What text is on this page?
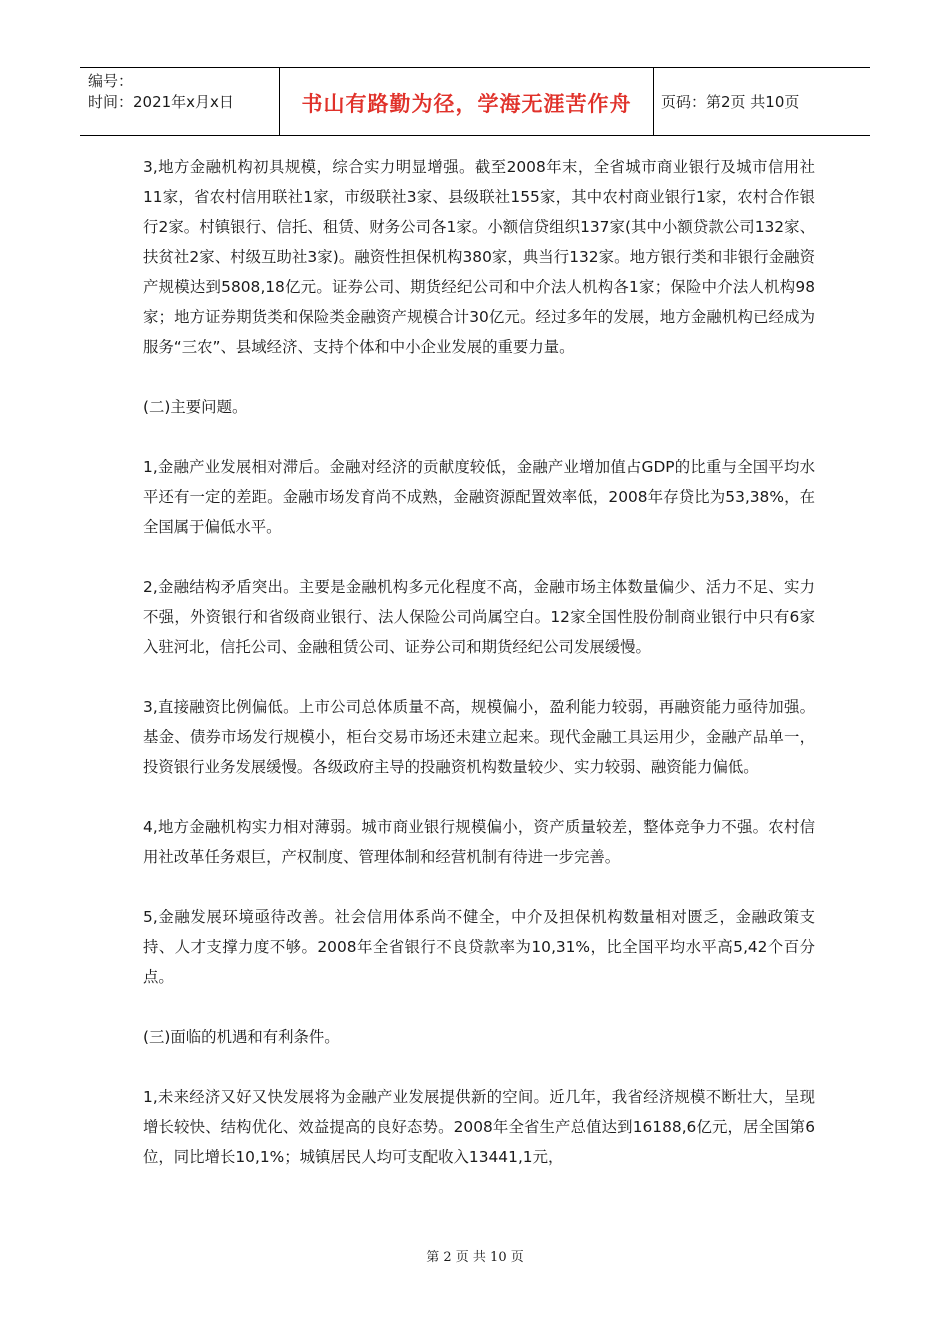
编号：
时间：2021年x月x日	书山有路勤为径，学海无涯苦作舟 页码：第2页 共10页

3‚地方金融机构初具规模，综合实力明显增强。截至2008年末，全省城市商业银行及城市信用社11家，省农村信用联社1家，市级联社3家、县级联社155家，其中农村商业银行1家，农村合作银行2家。村镇银行、信托、租赁、财务公司各1家。小额信贷组织137家(其中小额贷款公司132家、扶贫社2家、村级互助社3家)。融资性担保机构380家，典当行132家。地方银行类和非银行金融资产规模达到5808‚18亿元。证券公司、期货经纪公司和中介法人机构各1家；保险中介法人机构98家；地方证券期货类和保险类金融资产规模合计30亿元。经过多年的发展，地方金融机构已经成为服务“三农”、县域经济、支持个体和中小企业发展的重要力量。

(二)主要问题。

1‚金融产业发展相对滞后。金融对经济的贡献度较低，金融产业增加值占GDP的比重与全国平均水平还有一定的差距。金融市场发育尚不成熟，金融资源配置效率低，2008年存贷比为53‚38%，在全国属于偏低水平。

2‚金融结构矛盾突出。主要是金融机构多元化程度不高，金融市场主体数量偏少、活力不足、实力不强，外资银行和省级商业银行、法人保险公司尚属空白。12家全国性股份制商业银行中只有6家入驻河北，信托公司、金融租赁公司、证券公司和期货经纪公司发展缓慢。

3‚直接融资比例偏低。上市公司总体质量不高，规模偏小，盈利能力较弱，再融资能力亟待加强。基金、债券市场发行规模小，柜台交易市场还未建立起来。现代金融工具运用少，金融产品单一，投资银行业务发展缓慢。各级政府主导的投融资机构数量较少、实力较弱、融资能力偏低。

4‚地方金融机构实力相对薄弱。城市商业银行规模偏小，资产质量较差，整体竞争力不强。农村信用社改革任务艰巨，产权制度、管理体制和经营机制有待进一步完善。

5‚金融发展环境亟待改善。社会信用体系尚不健全，中介及担保机构数量相对匮乏，金融政策支持、人才支撑力度不够。2008年全省银行不良贷款率为10‚31%，比全国平均水平高5‚42个百分点。

(三)面临的机遇和有利条件。

1‚未来经济又好又快发展将为金融产业发展提供新的空间。近几年，我省经济规模不断壮大，呈现增长较快、结构优化、效益提高的良好态势。2008年全省生产总值达到16188‚6亿元，居全国第6位，同比增长10‚1%；城镇居民人均可支配收入13441‚1元，

第 2 页 共 10 页
